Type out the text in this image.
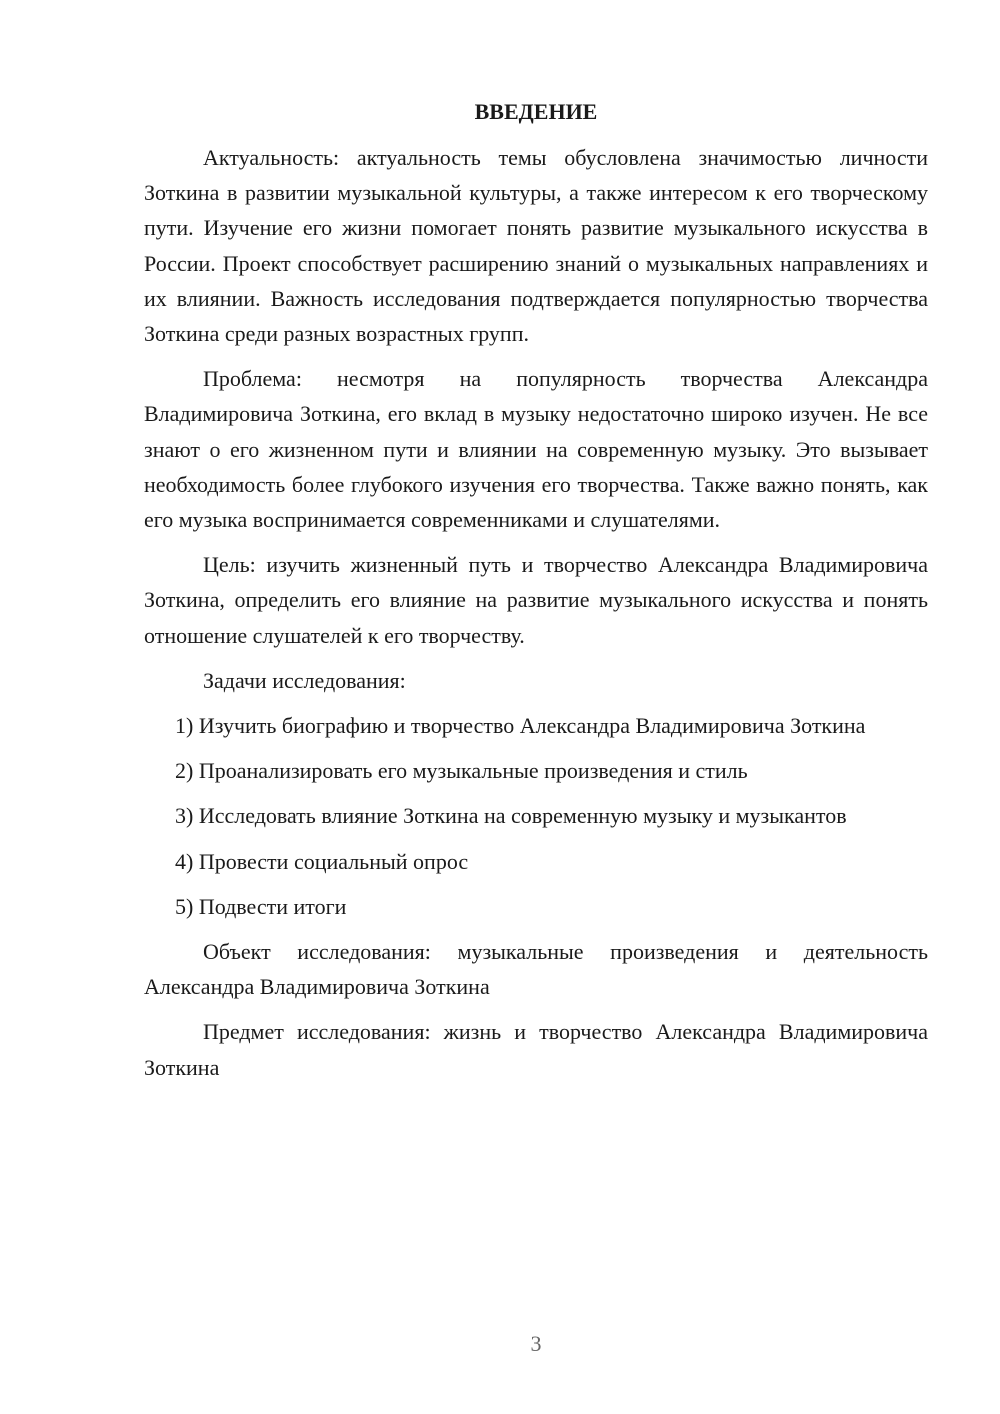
ВВЕДЕНИЕ

Актуальность: актуальность темы обусловлена значимостью личности Зоткина в развитии музыкальной культуры, а также интересом к его творческому пути. Изучение его жизни помогает понять развитие музыкального искусства в России. Проект способствует расширению знаний о музыкальных направлениях и их влиянии. Важность исследования подтверждается популярностью творчества Зоткина среди разных возрастных групп.

Проблема: несмотря на популярность творчества Александра Владимировича Зоткина, его вклад в музыку недостаточно широко изучен. Не все знают о его жизненном пути и влиянии на современную музыку. Это вызывает необходимость более глубокого изучения его творчества. Также важно понять, как его музыка воспринимается современниками и слушателями.

Цель: изучить жизненный путь и творчество Александра Владимировича Зоткина, определить его влияние на развитие музыкального искусства и понять отношение слушателей к его творчеству.

Задачи исследования:

1) Изучить биографию и творчество Александра Владимировича Зоткина

2) Проанализировать его музыкальные произведения и стиль

3) Исследовать влияние Зоткина на современную музыку и музыкантов

4) Провести социальный опрос

5) Подвести итоги

Объект исследования: музыкальные произведения и деятельность Александра Владимировича Зоткина

Предмет исследования: жизнь и творчество Александра Владимировича Зоткина

3
